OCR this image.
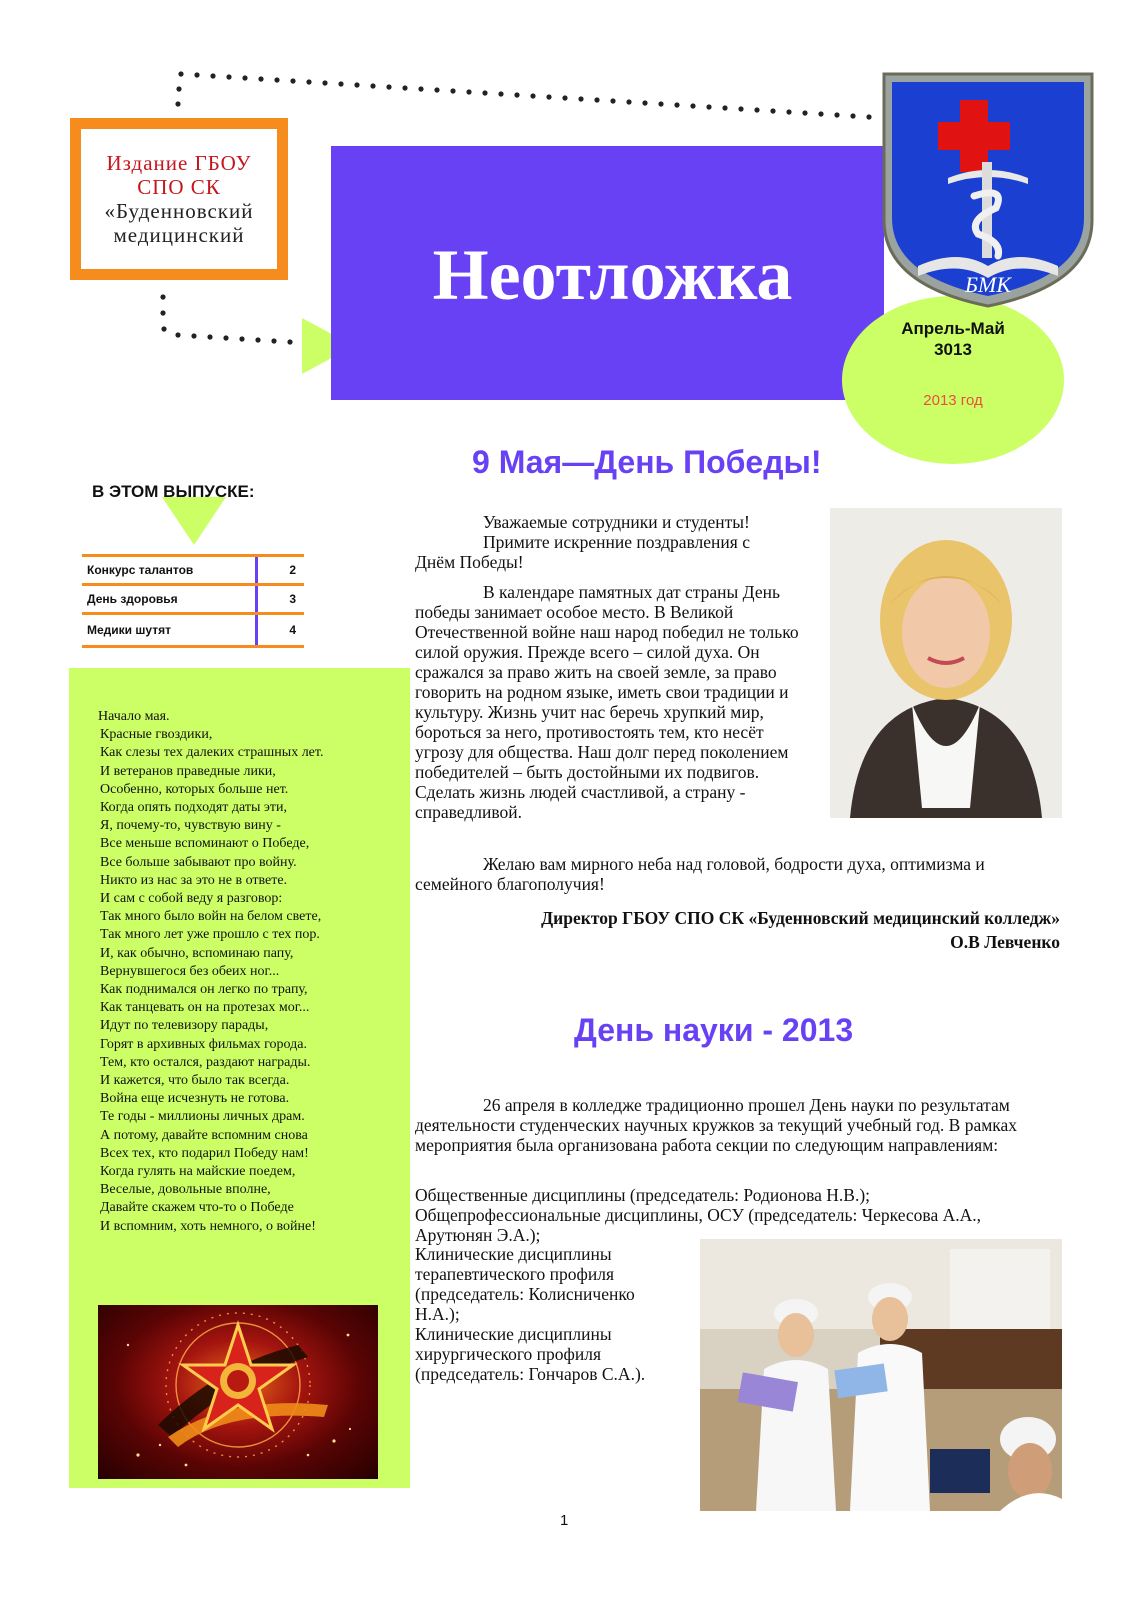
Издание ГБОУ
СПО СК
«Буденновский
медицинский	Неотложка
Апрель-Май
3013
2013 год
БМК
В ЭТОМ ВЫПУСКЕ:
Конкурс талантов	2
День здоровья	3
Медики шутят	4
Начало мая.
Красные гвоздики,
Как слезы тех далеких страшных лет.
И ветеранов праведные лики,
Особенно, которых больше нет.
Когда опять подходят даты эти,
Я, почему-то, чувствую вину -
Все меньше вспоминают о Победе,
Все больше забывают про войну.
Никто из нас за это не в ответе.
И сам с собой веду я разговор:
Так много было войн на белом свете,
Так много лет уже прошло с тех пор.
И, как обычно, вспоминаю папу,
Вернувшегося без обеих ног...
Как поднимался он легко по трапу,
Как танцевать он на протезах мог...
Идут по телевизору парады,
Горят в архивных фильмах города.
Тем, кто остался, раздают награды.
И кажется, что было так всегда.
Война еще исчезнуть не готова.
Те годы - миллионы личных драм.
А потому, давайте вспомним снова
Всех тех, кто подарил Победу нам!
Когда гулять на майские поедем,
Веселые, довольные вполне,
Давайте скажем что-то о Победе
И вспомним, хоть немного, о войне!
9 Мая—День Победы!

Уважаемые сотрудники и студенты!
Примите искренние поздравления с
Днём Победы!

В календаре памятных дат страны День победы занимает особое место. В Великой Отечественной войне наш народ победил не только силой оружия. Прежде всего – силой духа. Он сражался за право жить на своей земле, за право говорить на родном языке, иметь свои традиции и культуру. Жизнь учит нас беречь хрупкий мир, бороться за него, противостоять тем, кто несёт угрозу для общества. Наш долг перед поколением победителей – быть достойными их подвигов. Сделать жизнь людей счастливой, а страну - справедливой.

Желаю вам мирного неба над головой, бодрости духа, оптимизма и семейного благополучия!
Директор ГБОУ СПО СК «Буденновский медицинский колледж»
О.В Левченко
День науки - 2013
26 апреля в колледже традиционно прошел День науки по результатам деятельности студенческих научных кружков за текущий учебный год. В рамках мероприятия была организована работа секции по следующим направлениям:
Общественные дисциплины (председатель: Родионова Н.В.);
Общепрофессиональные дисциплины, ОСУ (председатель: Черкесова А.А., Арутюнян Э.А.);
Клинические дисциплины терапевтического профиля (председатель: Колисниченко Н.А.);
Клинические дисциплины хирургического профиля (председатель: Гончаров С.А.).
1
